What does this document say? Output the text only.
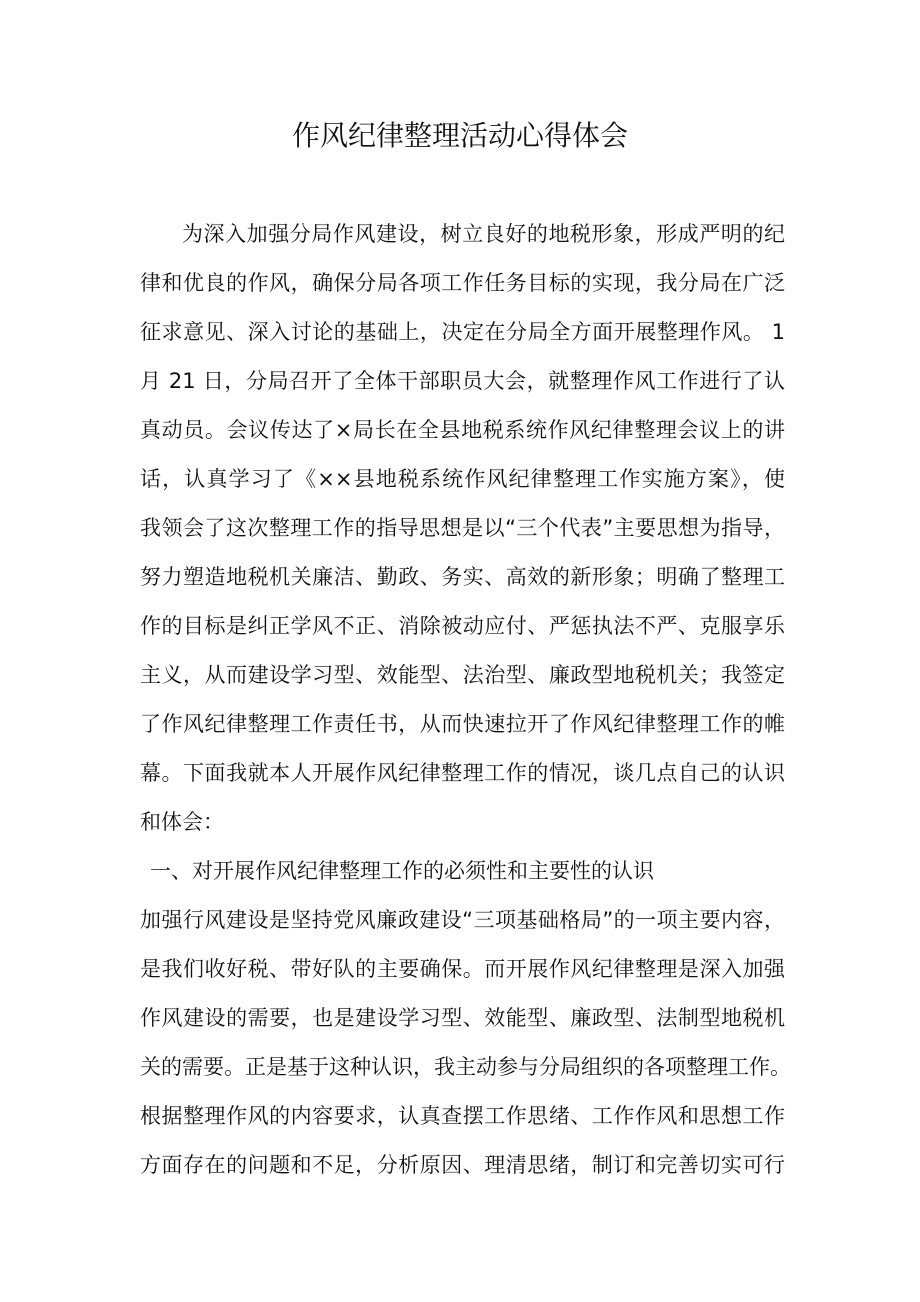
作风纪律整理活动心得体会
为深入加强分局作风建设，树立良好的地税形象，形成严明的纪
律和优良的作风，确保分局各项工作任务目标的实现，我分局在广泛
征求意见、深入讨论的基础上，决定在分局全方面开展整理作风。 1
月 21 日，分局召开了全体干部职员大会，就整理作风工作进行了认
真动员。会议传达了×局长在全县地税系统作风纪律整理会议上的讲
话，认真学习了《××县地税系统作风纪律整理工作实施方案》，使
我领会了这次整理工作的指导思想是以“三个代表”主要思想为指导，
努力塑造地税机关廉洁、勤政、务实、高效的新形象；明确了整理工
作的目标是纠正学风不正、消除被动应付、严惩执法不严、克服享乐
主义，从而建设学习型、效能型、法治型、廉政型地税机关；我签定
了作风纪律整理工作责任书，从而快速拉开了作风纪律整理工作的帷
幕。下面我就本人开展作风纪律整理工作的情况，谈几点自己的认识
和体会：
一、对开展作风纪律整理工作的必须性和主要性的认识
加强行风建设是坚持党风廉政建设“三项基础格局”的一项主要内容，
是我们收好税、带好队的主要确保。而开展作风纪律整理是深入加强
作风建设的需要，也是建设学习型、效能型、廉政型、法制型地税机
关的需要。正是基于这种认识，我主动参与分局组织的各项整理工作。
根据整理作风的内容要求，认真查摆工作思绪、工作作风和思想工作
方面存在的问题和不足，分析原因、理清思绪，制订和完善切实可行
